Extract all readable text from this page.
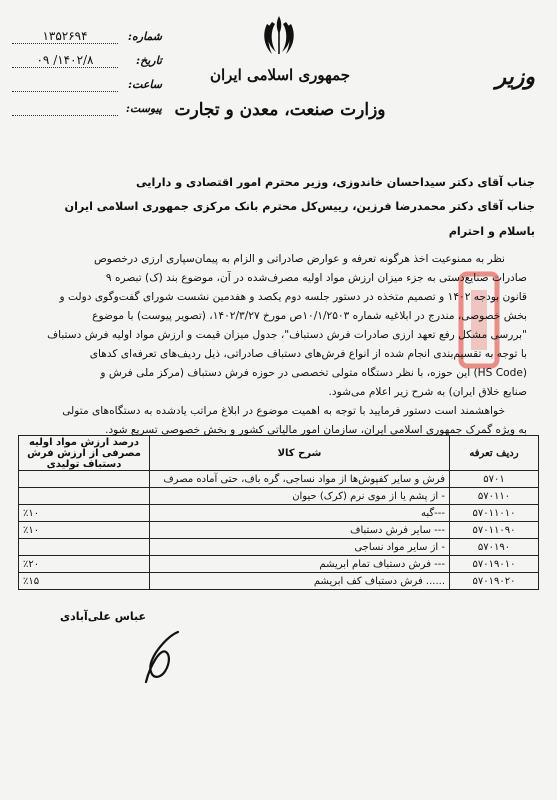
شماره:
۱۳۵۲۶۹۴
تاریخ:
۱۴۰۲/۸/ ۰۹
ساعت:
پیوست:
جمهوری اسلامی ایران
وزارت صنعت، معدن و تجارت
وزیر
جناب آقای دکتر سیداحسان خاندوزی، وزیر محترم امور اقتصادی و دارایی
جناب آقای دکتر محمدرضا فرزین، رییس‌کل محترم بانک مرکزی جمهوری اسلامی ایران
باسلام و احترام

نظر به ممنوعیت اخذ هرگونه تعرفه و عوارض صادراتی و الزام به پیمان‌سپاری ارزی درخصوص

صادرات صنایع‌دستی به جزء میزان ارزش مواد اولیه مصرف‌شده در آن، موضوع بند (ک) تبصره ۹

قانون بودجه ۱۴۰۲ و تصمیم متخذه در دستور جلسه دوم یکصد و هفدمین نشست شورای گفت‌وگوی دولت و

بخش خصوصی، مندرج در ابلاغیه شماره ۱۰/۱/۲۵۰۳ص مورخ ۱۴۰۲/۳/۲۷، (تصویر پیوست) با موضوع

"بررسی مشکل رفع تعهد ارزی صادرات فرش دستباف"، جدول میزان قیمت و ارزش مواد اولیه فرش دستباف

با توجه به تقسیم‌بندی انجام شده از انواع فرش‌های دستباف صادراتی، ذیل ردیف‌های تعرفه‌ای کدهای

(HS Code) این حوزه، با نظر دستگاه متولی تخصصی در حوزه فرش دستباف (مرکز ملی فرش و

صنایع خلاق ایران) به شرح زیر اعلام می‌شود.

خواهشمند است دستور فرمایید با توجه به اهمیت موضوع در ابلاغ مراتب یادشده به دستگاه‌های متولی

به ویژه گمرک جمهوری اسلامی ایران، سازمان امور مالیاتی کشور و بخش خصوصی تسریع شود.

ردیف تعرفه	شرح کالا	درصد ارزش مواد اولیه مصرفی از ارزش فرش دستباف تولیدی
۵۷۰۱	فرش و سایر کفپوش‌ها از مواد نساجی، گره باف، حتی آماده مصرف	
۵۷۰۱۱۰	- از پشم یا از موی نرم (کرک) حیوان	
۵۷۰۱۱۰۱۰	---گبه	٪۱۰
۵۷۰۱۱۰۹۰	--- سایر فرش دستباف	٪۱۰
۵۷۰۱۹۰	- از سایر مواد نساجی	
۵۷۰۱۹۰۱۰	--- فرش دستباف تمام ابریشم	٪۲۰
۵۷۰۱۹۰۲۰	...... فرش دستباف کف ابریشم	٪۱۵
عباس علی‌آبادی
